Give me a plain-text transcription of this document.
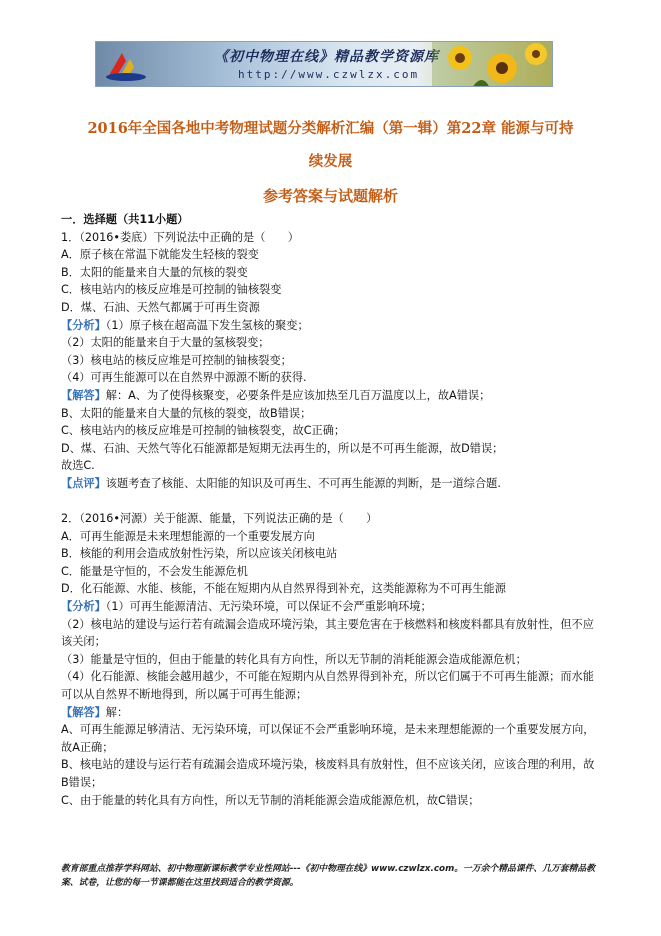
《初中物理在线》精品教学资源库
http://www.czwlzx.com
2016年全国各地中考物理试题分类解析汇编（第一辑）第22章 能源与可持
续发展
参考答案与试题解析
一．选择题（共11小题）
1．（2016•娄底）下列说法中正确的是（　　）
A．原子核在常温下就能发生轻核的裂变
B．太阳的能量来自大量的氘核的裂变
C．核电站内的核反应堆是可控制的铀核裂变
D．煤、石油、天然气都属于可再生资源
【分析】（1）原子核在超高温下发生氢核的聚变；
（2）太阳的能量来自于大量的氢核裂变；
（3）核电站的核反应堆是可控制的铀核裂变；
（4）可再生能源可以在自然界中源源不断的获得.
【解答】解：A、为了使得核聚变，必要条件是应该加热至几百万温度以上，故A错误；
B、太阳的能量来自大量的氘核的裂变，故B错误；
C、核电站内的核反应堆是可控制的铀核裂变，故C正确；
D、煤、石油、天然气等化石能源都是短期无法再生的，所以是不可再生能源，故D错误；
故选C.
【点评】该题考查了核能、太阳能的知识及可再生、不可再生能源的判断，是一道综合题.
2．（2016•河源）关于能源、能量，下列说法正确的是（　　）
A．可再生能源是未来理想能源的一个重要发展方向
B．核能的利用会造成放射性污染，所以应该关闭核电站
C．能量是守恒的，不会发生能源危机
D．化石能源、水能、核能，不能在短期内从自然界得到补充，这类能源称为不可再生能源
【分析】（1）可再生能源清洁、无污染环境，可以保证不会严重影响环境；
（2）核电站的建设与运行若有疏漏会造成环境污染，其主要危害在于核燃料和核废料都具有放射性，但不应该关闭；
（3）能量是守恒的，但由于能量的转化具有方向性，所以无节制的消耗能源会造成能源危机；
（4）化石能源、核能会越用越少，不可能在短期内从自然界得到补充，所以它们属于不可再生能源；而水能可以从自然界不断地得到，所以属于可再生能源；
【解答】解：
A、可再生能源足够清洁、无污染环境，可以保证不会严重影响环境，是未来理想能源的一个重要发展方向，故A正确；
B、核电站的建设与运行若有疏漏会造成环境污染，核废料具有放射性，但不应该关闭，应该合理的利用，故B错误；
C、由于能量的转化具有方向性，所以无节制的消耗能源会造成能源危机，故C错误；
教育部重点推荐学科网站、初中物理新课标教学专业性网站---《初中物理在线》www.czwlzx.com。一万余个精品课件、几万套精品教案、试卷，让您的每一节课都能在这里找到适合的教学资源。
